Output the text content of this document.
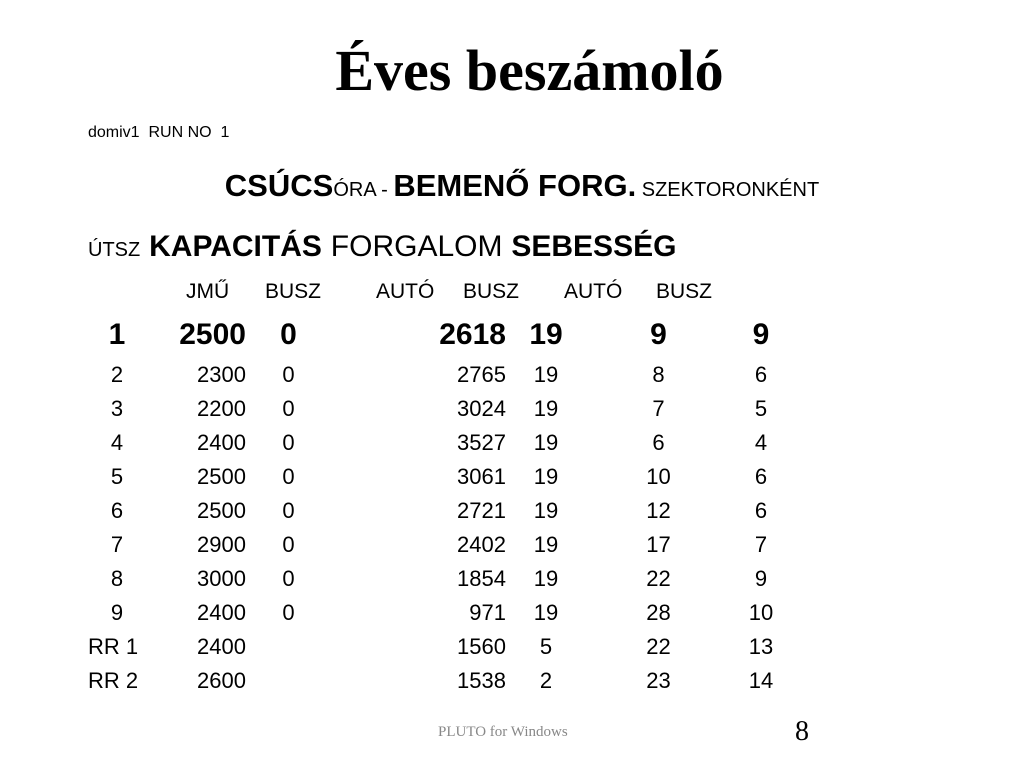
Éves beszámoló
domiv1  RUN NO  1
CSÚCSÓRA - BEMENŐ FORG. SZEKTORONKÉNT
ÚTSZ KAPACITÁS FORGALOM SEBESSÉG
JMŰ BUSZ	AUTÓ BUSZ AUTÓ BUSZ
1	2500	0	2618	19	9	9
2	2300	0	2765	19	8	6
3	2200	0	3024	19	7	5
4	2400	0	3527	19	6	4
5	2500	0	3061	19	10	6
6	2500	0	2721	19	12	6
7	2900	0	2402	19	17	7
8	3000	0	1854	19	22	9
9	2400	0	971	19	28	10
RR 1	2400		1560	5	22	13
RR 2	2600		1538	2	23	14
PLUTO for Windows	8
